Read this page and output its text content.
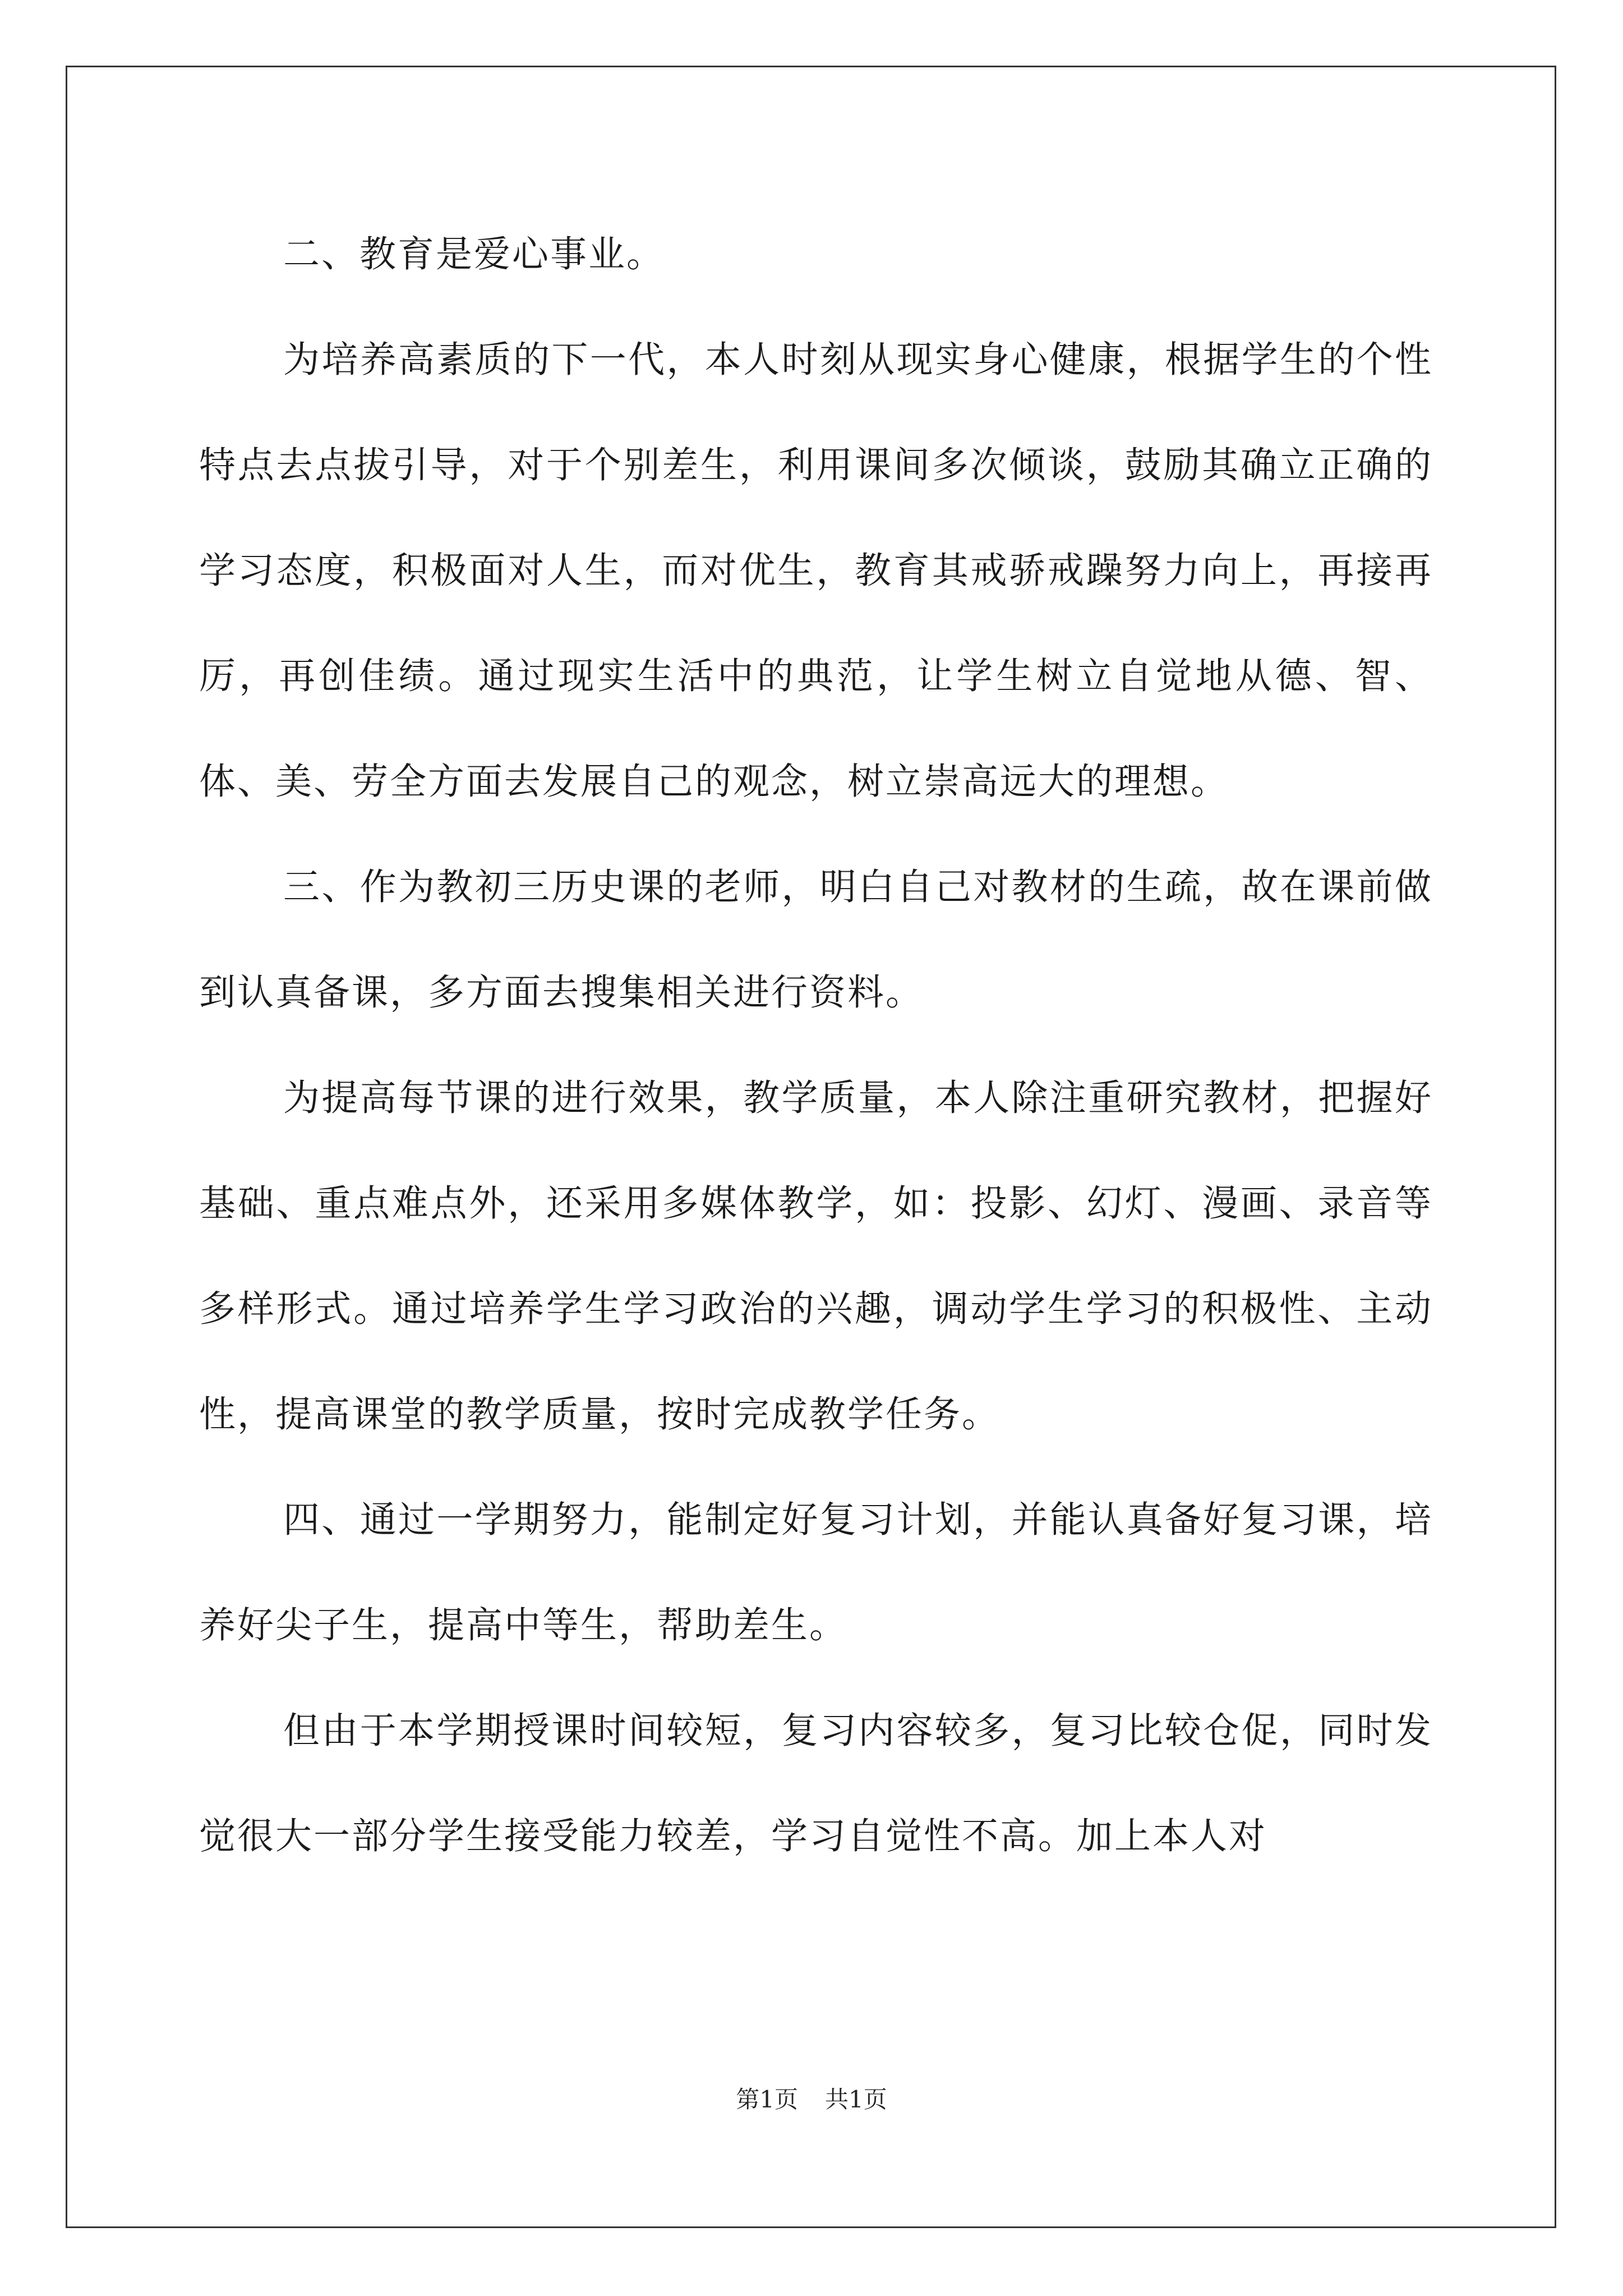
二、教育是爱心事业。

为培养高素质的下一代，本人时刻从现实身心健康，根据学生的个性特点去点拔引导，对于个别差生，利用课间多次倾谈，鼓励其确立正确的学习态度，积极面对人生，而对优生，教育其戒骄戒躁努力向上，再接再厉，再创佳绩。通过现实生活中的典范，让学生树立自觉地从德、智、体、美、劳全方面去发展自己的观念，树立崇高远大的理想。

三、作为教初三历史课的老师，明白自己对教材的生疏，故在课前做到认真备课，多方面去搜集相关进行资料。

为提高每节课的进行效果，教学质量，本人除注重研究教材，把握好基础、重点难点外，还采用多媒体教学，如：投影、幻灯、漫画、录音等多样形式。通过培养学生学习政治的兴趣，调动学生学习的积极性、主动性，提高课堂的教学质量，按时完成教学任务。

四、通过一学期努力，能制定好复习计划，并能认真备好复习课，培养好尖子生，提高中等生，帮助差生。

但由于本学期授课时间较短，复习内容较多，复习比较仓促，同时发觉很大一部分学生接受能力较差，学习自觉性不高。加上本人对

第1页 共1页
